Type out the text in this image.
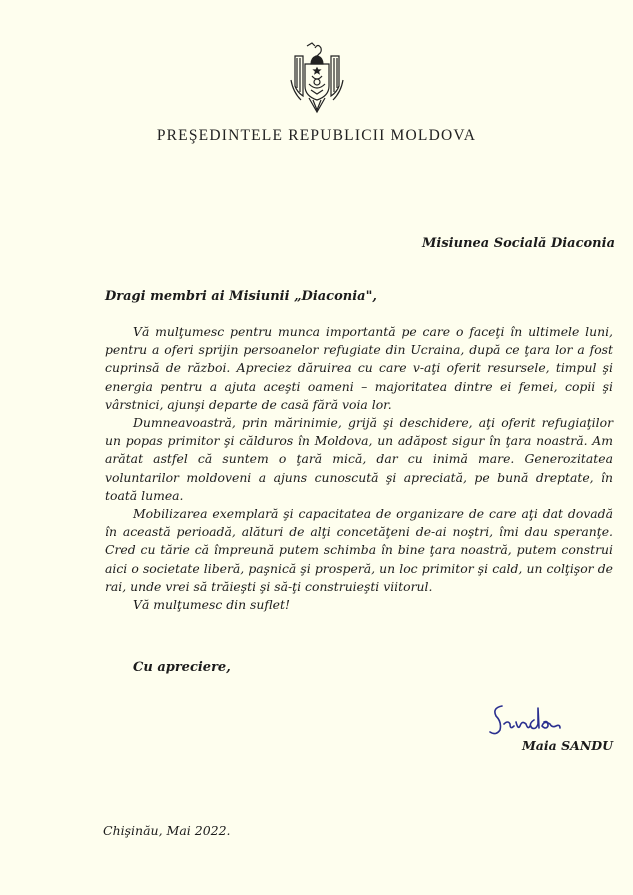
PREŞEDINTELE REPUBLICII MOLDOVA
Misiunea Socială Diaconia
Dragi membri ai Misiunii „Diaconia",

Vă mulţumesc pentru munca importantă pe care o faceţi în ultimele luni, pentru a oferi sprijin persoanelor refugiate din Ucraina, după ce ţara lor a fost cuprinsă de război. Apreciez dăruirea cu care v-aţi oferit resursele, timpul şi energia pentru a ajuta aceşti oameni – majoritatea dintre ei femei, copii şi vârstnici, ajunşi departe de casă fără voia lor.

Dumneavoastră, prin mărinimie, grijă şi deschidere, aţi oferit refugiaţilor un popas primitor şi călduros în Moldova, un adăpost sigur în ţara noastră. Am arătat astfel că suntem o ţară mică, dar cu inimă mare. Generozitatea voluntarilor moldoveni a ajuns cunoscută şi apreciată, pe bună dreptate, în toată lumea.

Mobilizarea exemplară şi capacitatea de organizare de care aţi dat dovadă în această perioadă, alături de alţi concetăţeni de-ai noştri, îmi dau speranţe. Cred cu tărie că împreună putem schimba în bine ţara noastră, putem construi aici o societate liberă, paşnică şi prosperă, un loc primitor şi cald, un colţişor de rai, unde vrei să trăieşti şi să-ţi construieşti viitorul.

Vă mulţumesc din suflet!

Cu apreciere,
Maia SANDU
Chişinău, Mai 2022.
